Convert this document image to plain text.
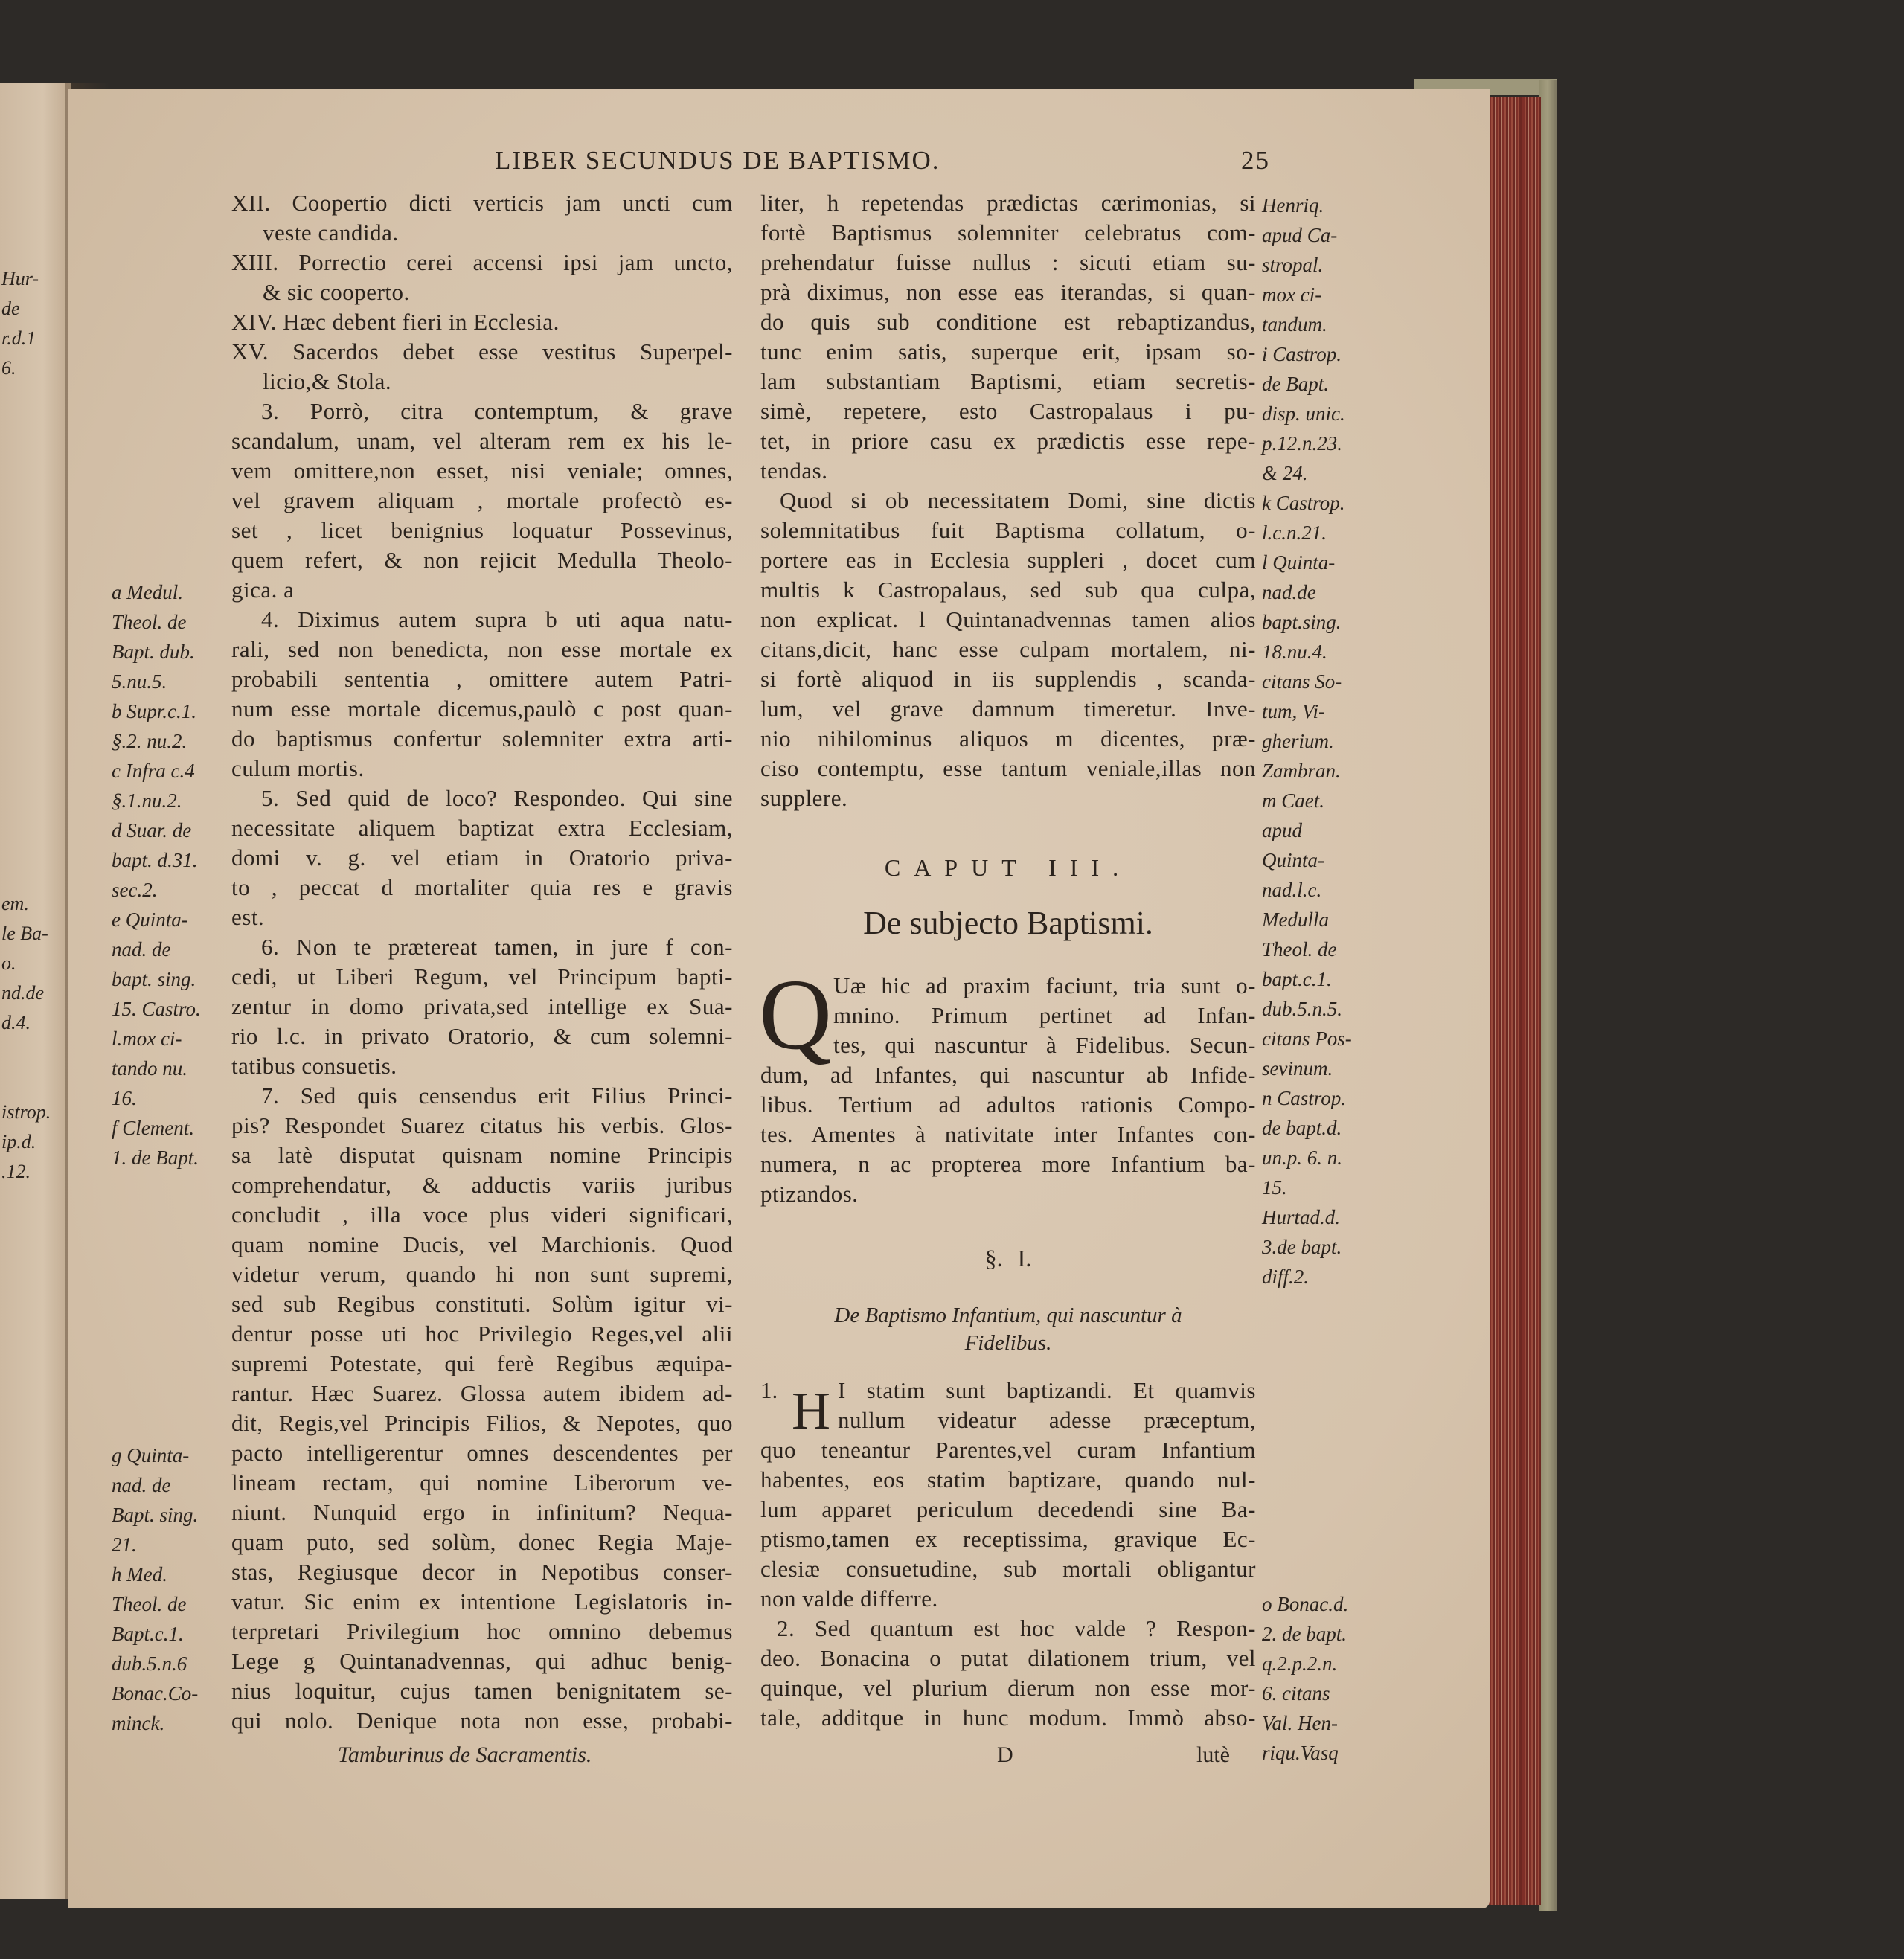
Hur-
de
r.d.1
6.
em.
le Ba-
o.
nd.de
d.4.
istrop.
ip.d.
.12.
LIBER SECUNDUS DE BAPTISMO.	25
XII. Coopertio dicti verticis jam uncti cum
veste candida.
XIII. Porrectio cerei accensi ipsi jam uncto,
& sic cooperto.
XIV. Hæc debent fieri in Ecclesia.
XV. Sacerdos debet esse vestitus Superpel-
licio,& Stola.
3. Porrò, citra contemptum, & grave
scandalum, unam, vel alteram rem ex his le-
vem omittere,non esset, nisi veniale; omnes,
vel gravem aliquam , mortale profectò es-
set , licet benignius loquatur Possevinus,
quem refert, & non rejicit Medulla Theolo-
gica. a
4. Diximus autem supra b uti aqua natu-
rali, sed non benedicta, non esse mortale ex
probabili sententia , omittere autem Patri-
num esse mortale dicemus,paulò c post quan-
do baptismus confertur solemniter extra arti-
culum mortis.
5. Sed quid de loco? Respondeo. Qui sine
necessitate aliquem baptizat extra Ecclesiam,
domi v. g. vel etiam in Oratorio priva-
to , peccat d mortaliter quia res e gravis
est.
6. Non te prætereat tamen, in jure f con-
cedi, ut Liberi Regum, vel Principum bapti-
zentur in domo privata,sed intellige ex Sua-
rio l.c. in privato Oratorio, & cum solemni-
tatibus consuetis.
7. Sed quis censendus erit Filius Princi-
pis? Respondet Suarez citatus his verbis. Glos-
sa latè disputat quisnam nomine Principis
comprehendatur, & adductis variis juribus
concludit , illa voce plus videri significari,
quam nomine Ducis, vel Marchionis. Quod
videtur verum, quando hi non sunt supremi,
sed sub Regibus constituti. Solùm igitur vi-
dentur posse uti hoc Privilegio Reges,vel alii
supremi Potestate, qui ferè Regibus æquipa-
rantur. Hæc Suarez. Glossa autem ibidem ad-
dit, Regis,vel Principis Filios, & Nepotes, quo
pacto intelligerentur omnes descendentes per
lineam rectam, qui nomine Liberorum ve-
niunt. Nunquid ergo in infinitum? Nequa-
quam puto, sed solùm, donec Regia Maje-
stas, Regiusque decor in Nepotibus conser-
vatur. Sic enim ex intentione Legislatoris in-
terpretari Privilegium hoc omnino debemus
Lege g Quintanadvennas, qui adhuc benig-
nius loquitur, cujus tamen benignitatem se-
qui nolo. Denique nota non esse, probabi-
a Medul.
Theol. de
Bapt. dub.
5.nu.5.
b Supr.c.1.
§.2. nu.2.
c Infra c.4
§.1.nu.2.
d Suar. de
bapt. d.31.
sec.2.
e Quinta-
nad. de
bapt. sing.
15. Castro.
l.mox ci-
tando nu.
16.
f Clement.
1. de Bapt.
g Quinta-
nad. de
Bapt. sing.
21.
h Med.
Theol. de
Bapt.c.1.
dub.5.n.6
Bonac.Co-
minck.
liter, h repetendas prædictas cærimonias, si
fortè Baptismus solemniter celebratus com-
prehendatur fuisse nullus : sicuti etiam su-
prà diximus, non esse eas iterandas, si quan-
do quis sub conditione est rebaptizandus,
tunc enim satis, superque erit, ipsam so-
lam substantiam Baptismi, etiam secretis-
simè, repetere, esto Castropalaus i pu-
tet, in priore casu ex prædictis esse repe-
tendas.
Quod si ob necessitatem Domi, sine dictis
solemnitatibus fuit Baptisma collatum, o-
portere eas in Ecclesia suppleri , docet cum
multis k Castropalaus, sed sub qua culpa,
non explicat. l Quintanadvennas tamen alios
citans,dicit, hanc esse culpam mortalem, ni-
si fortè aliquod in iis supplendis , scanda-
lum, vel grave damnum timeretur. Inve-
nio nihilominus aliquos m dicentes, præ-
ciso contemptu, esse tantum veniale,illas non
supplere.
Henriq.
apud Ca-
stropal.
mox ci-
tandum.
i Castrop.
de Bapt.
disp. unic.
p.12.n.23.
& 24.
k Castrop.
l.c.n.21.
l Quinta-
nad.de
bapt.sing.
18.nu.4.
citans So-
tum, Vi-
gherium.
Zambran.
m Caet.
apud
Quinta-
nad.l.c.
Medulla
Theol. de
bapt.c.1.
dub.5.n.5.
citans Pos-
sevinum.
n Castrop.
de bapt.d.
un.p. 6. n.
15.
Hurtad.d.
3.de bapt.
diff.2.
o Bonac.d.
2. de bapt.
q.2.p.2.n.
6. citans
Val. Hen-
riqu.Vasq
CAPUT III.
De subjecto Baptismi.
Q Uæ hic ad praxim faciunt, tria sunt o-
mnino. Primum pertinet ad Infan-
tes, qui nascuntur à Fidelibus. Secun-
dum, ad Infantes, qui nascuntur ab Infide-
libus. Tertium ad adultos rationis Compo-
tes. Amentes à nativitate inter Infantes con-
numera, n ac propterea more Infantium ba-
ptizandos.
§. I.
De Baptismo Infantium, qui nascuntur à
Fidelibus.
1. H I statim sunt baptizandi. Et quamvis
nullum videatur adesse præceptum,
quo teneantur Parentes,vel curam Infantium
habentes, eos statim baptizare, quando nul-
lum apparet periculum decedendi sine Ba-
ptismo,tamen ex receptissima, gravique Ec-
clesiæ consuetudine, sub mortali obligantur
non valde differre.
2. Sed quantum est hoc valde ? Respon-
deo. Bonacina o putat dilationem trium, vel
quinque, vel plurium dierum non esse mor-
tale, additque in hunc modum. Immò abso-
Tamburinus de Sacramentis.	D	lutè
